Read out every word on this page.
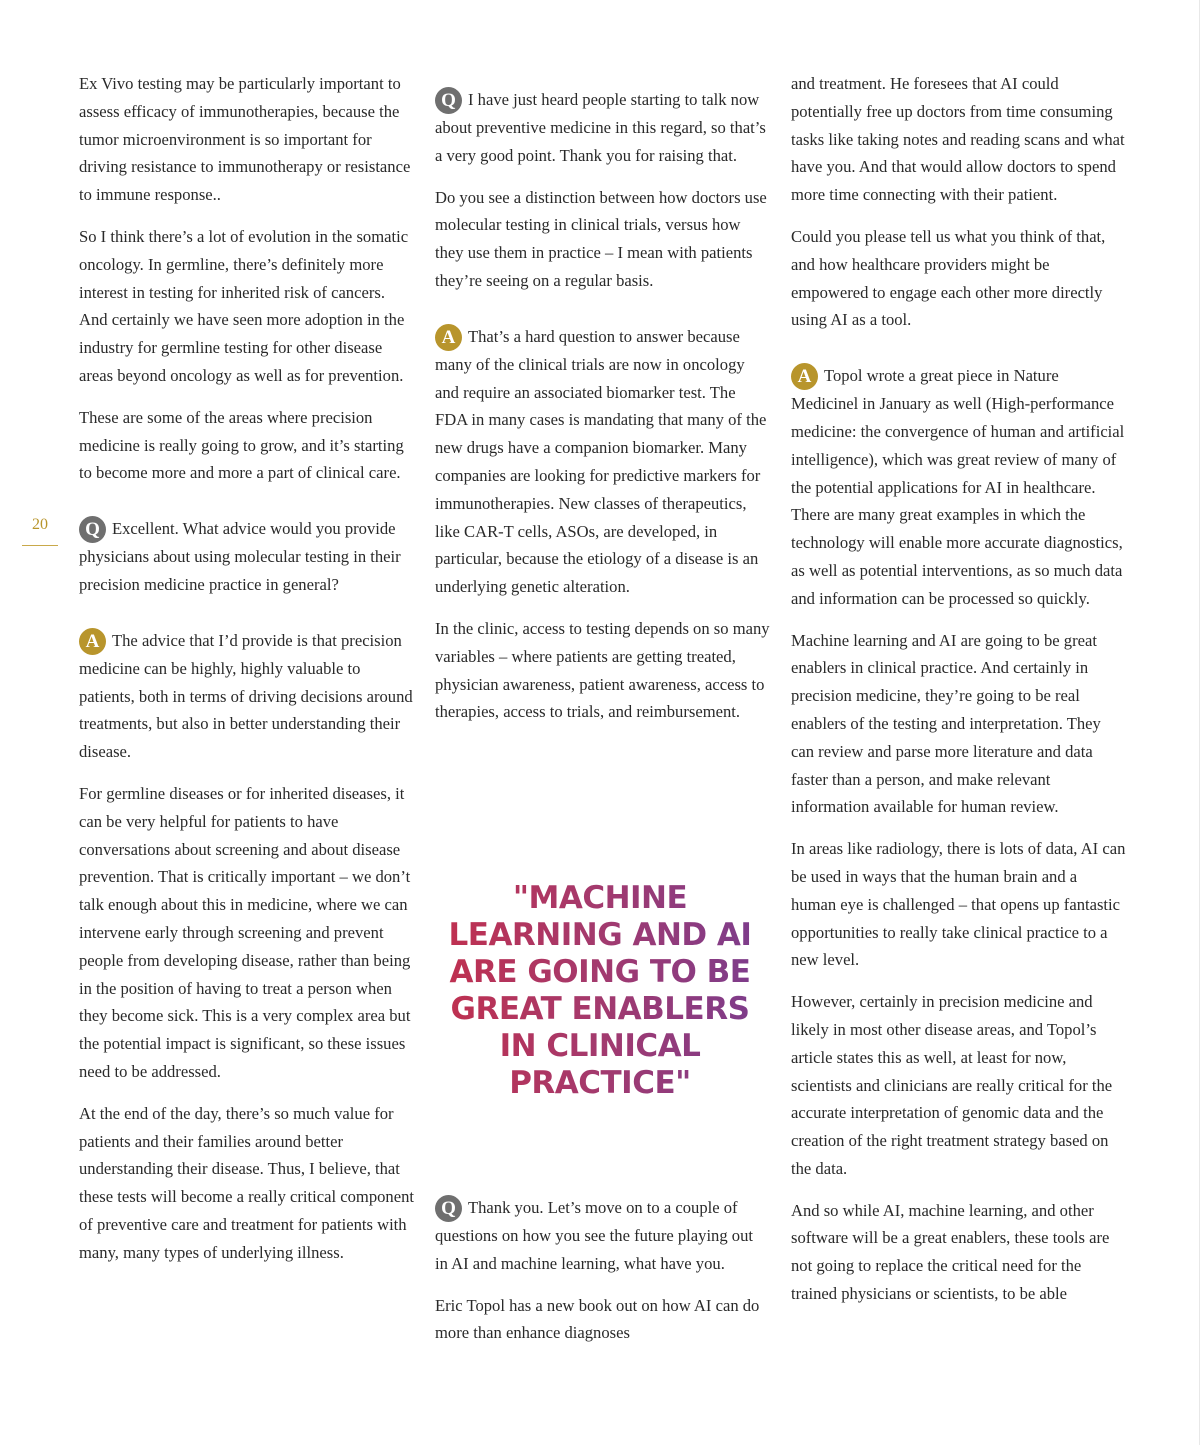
20

Ex Vivo testing may be particularly important to assess efficacy of immunotherapies, because the tumor microenvironment is so important for driving resistance to immunotherapy or resistance to immune response..

So I think there’s a lot of evolution in the somatic oncology. In germline, there’s definitely more interest in testing for inherited risk of cancers. And certainly we have seen more adoption in the industry for germline testing for other disease areas beyond oncology as well as for prevention.

These are some of the areas where precision medicine is really going to grow, and it’s starting to become more and more a part of clinical care.

Q Excellent. What advice would you provide physicians about using molecular testing in their precision medicine practice in general?

A The advice that I’d provide is that precision medicine can be highly, highly valuable to patients, both in terms of driving decisions around treatments, but also in better understanding their disease.

For germline diseases or for inherited diseases, it can be very helpful for patients to have conversations about screening and about disease prevention. That is critically important – we don’t talk enough about this in medicine, where we can intervene early through screening and prevent people from developing disease, rather than being in the position of having to treat a person when they become sick. This is a very complex area but the potential impact is significant, so these issues need to be addressed.

At the end of the day, there’s so much value for patients and their families around better understanding their disease. Thus, I believe, that these tests will become a really critical component of preventive care and treatment for patients with many, many types of underlying illness.

Q I have just heard people starting to talk now about preventive medicine in this regard, so that’s a very good point. Thank you for raising that.

Do you see a distinction between how doctors use molecular testing in clinical trials, versus how they use them in practice – I mean with patients they’re seeing on a regular basis.

A That’s a hard question to answer because many of the clinical trials are now in oncology and require an associated biomarker test. The FDA in many cases is mandating that many of the new drugs have a companion biomarker. Many companies are looking for predictive markers for immunotherapies. New classes of therapeutics, like CAR-T cells, ASOs, are developed, in particular, because the etiology of a disease is an underlying genetic alteration.

In the clinic, access to testing depends on so many variables – where patients are getting treated, physician awareness, patient awareness, access to therapies, access to trials, and reimbursement.

"MACHINE LEARNING AND AI ARE GOING TO BE GREAT ENABLERS IN CLINICAL PRACTICE"

Q Thank you. Let’s move on to a couple of questions on how you see the future playing out in AI and machine learning, what have you.

Eric Topol has a new book out on how AI can do more than enhance diagnoses

and treatment. He foresees that AI could potentially free up doctors from time consuming tasks like taking notes and reading scans and what have you. And that would allow doctors to spend more time connecting with their patient.

Could you please tell us what you think of that, and how healthcare providers might be empowered to engage each other more directly using AI as a tool.

A Topol wrote a great piece in Nature Medicinel in January as well (High-performance medicine: the convergence of human and artificial intelligence), which was great review of many of the potential applications for AI in healthcare. There are many great examples in which the technology will enable more accurate diagnostics, as well as potential interventions, as so much data and information can be processed so quickly.

Machine learning and AI are going to be great enablers in clinical practice. And certainly in precision medicine, they’re going to be real enablers of the testing and interpretation. They can review and parse more literature and data faster than a person, and make relevant information available for human review.

In areas like radiology, there is lots of data, AI can be used in ways that the human brain and a human eye is challenged – that opens up fantastic opportunities to really take clinical practice to a new level.

However, certainly in precision medicine and likely in most other disease areas, and Topol’s article states this as well, at least for now, scientists and clinicians are really critical for the accurate interpretation of genomic data and the creation of the right treatment strategy based on the data.

And so while AI, machine learning, and other software will be a great enablers, these tools are not going to replace the critical need for the trained physicians or scientists, to be able
